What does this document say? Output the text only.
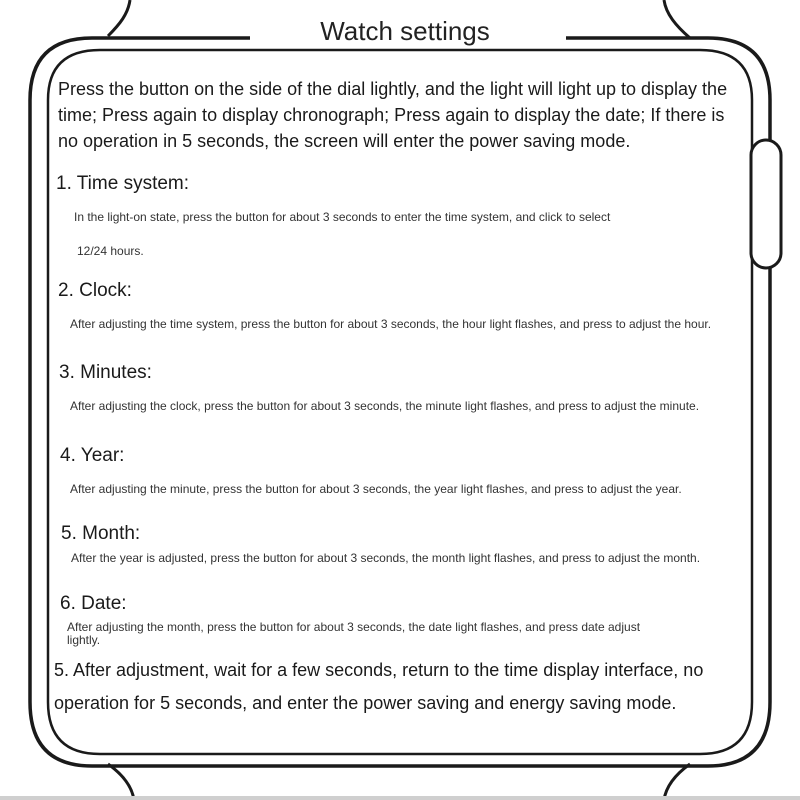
Watch settings
Press the button on the side of the dial lightly, and the light will light up to display the time; Press again to display chronograph; Press again to display the date; If there is no operation in 5 seconds, the screen will enter the power saving mode.
1. Time system:
In the light-on state, press the button for about 3 seconds to enter the time system, and click to select
12/24 hours.
2. Clock:
After adjusting the time system, press the button for about 3 seconds, the hour light flashes, and press to adjust the hour.
3. Minutes:
After adjusting the clock, press the button for about 3 seconds, the minute light flashes, and press to adjust the minute.
4. Year:
After adjusting the minute, press the button for about 3 seconds, the year light flashes, and press to adjust the year.
5. Month:
After the year is adjusted, press the button for about 3 seconds, the month light flashes, and press to adjust the month.
6. Date:
After adjusting the month, press the button for about 3 seconds, the date light flashes, and press date adjust lightly.
5. After adjustment, wait for a few seconds, return to the time display interface, no operation for 5 seconds, and enter the power saving and energy saving mode.
